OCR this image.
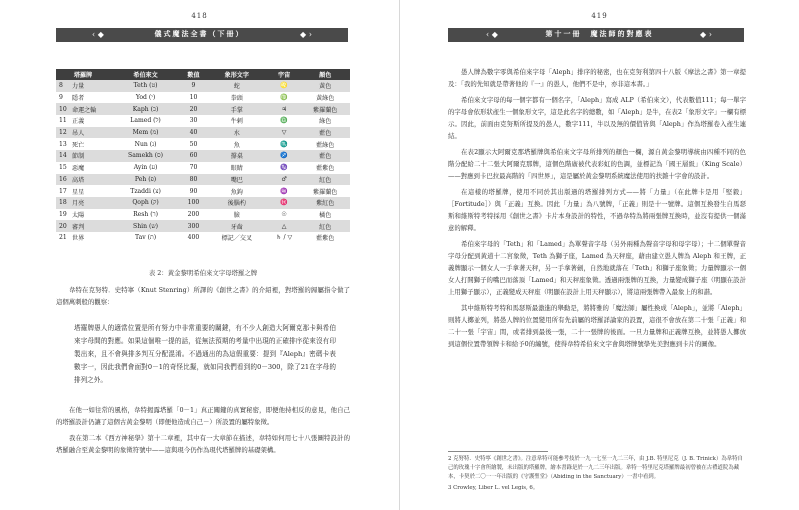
418
‹ ◆	儀式魔法全書（下冊）	◆ ›
塔羅牌		希伯來文	數值	象形文字	宇宙	顏色
8	力量	Teth (ט)	9	蛇	♌	黃色
9	隱者	Yod (י)	10	拳頭	♍	黃綠色
10	命運之輪	Kaph (כ)	20	手掌	♃	紫羅蘭色
11	正義	Lamed (ל)	30	牛刺	♎	綠色
12	吊人	Mem (מ)	40	水	▽	藍色
13	死亡	Nun (נ)	50	魚	♏	藍綠色
14	節制	Samekh (ס)	60	撐桌	♐	藍色
15	惡魔	Ayin (ע)	70	眼睛	♑	藍紫色
16	高塔	Peh (פ)	80	嘴巴	♂	紅色
17	星星	Tzaddi (צ)	90	魚鉤	♒	紫羅蘭色
18	月亮	Qoph (ק)	100	後腦杓	♓	紫紅色
19	太陽	Resh (ר)	200	臉	☉	橘色
20	審判	Shin (ש)	300	牙齒	△	紅色
21	世界	Tav (ת)	400	標記／交叉	♄ / ▽	藍紫色
表 2：黃金黎明希伯來文字母塔羅之牌

韋特在克努特．史特寧（Knut Stenring）所譯的《創世之書》的介紹裡，對塔羅的歸屬指令做了這個萬刺般的觀察：

塔羅牌愚人的適當位置是所有努力中非常重要的關鍵，有不少人創造大阿爾克那卡與希伯來字母間的對應。如果這個唯一提的話，從無法預期的考量中出現的正確排序從來沒有印製出來，且不會與排多判互分配混淆。不過通出的為這假重要：提到『Aleph』密碼卡表數字一，因此我們會面對0－1的奇怪比擬，就如同我們看到的0－300，除了21在字母的排列之外。

在他一如往常的風格，韋特揭露塔羅「0－1」真正關鍵的真實秘密，即便他持相反的意見，他自己的塔羅設計仍讓了這個古黃金黎明（即便他造成自己－）所設置的屬特象徵。

我在第二本《西方神秘學》第十二章裡，其中有一大章節在描述，韋特如何用七十八張圖特設計的塔羅融合至黃金黎明的象徵符號中——這與現今仍作為現代塔羅牌的基礎架構。

419
‹ ◆	第十一冊　魔法師的對應表	◆ ›

愚人牌為數字零與希伯來字母「Aleph」排序的秘密，也在克努利第四十八版《摩法之書》第一章提及：「我的先知就是帶著他的『一』的愚人，他們不是中，亦非這本書。」

希伯來文字母的每一個字都有一個名字，「Aleph」寫成 ALP（希伯來文），代表數值111；每一單字的字母會依形狀產生一個象形文字，這是此名字的總數，如「Aleph」是牛，在表2「象形文字」一欄有標示。因此，前面由克努斯所提及的愚人，數字111，牛以及無的價值皆與「Aleph」作為塔羅卷入產生連結。

在表2顯示大阿爾克那塔羅牌與希伯來文字母所排列的顏色一欄，源自黃金黎明導統由四種不同的色階分配給二十二張大阿爾克那牌，這個色階廣被代表彩虹的色調，並標記為「國王層級」（King Scale）——對應到卡巴拉最高階的「四世界」，這是屬於黃金黎明系統魔法使用的扶雜十字會的設計。

在這樣的塔羅牌，使用不同於其出版過的塔羅排列方式——將「力量」（在此牌卡是用「堅毅」［Fortitude］）與「正義」互換。因此「力量」為八號牌，「正義」則是十一號牌。這個互換發生自馬瑟斯和維斯特考特採用《創世之書》卡片本身設計的特性，不過韋特為將兩張牌互換時，並沒有提供一個滿意的解釋。

希伯來字母的「Teth」和「Lamed」為單聲音字母（另外兩種為聲音字母和母字母）；十二個單聲音字母分配到黃道十二宮象徵，Teth 為獅子座，Lamed 為天秤座，藉由建立愚人牌為 Aleph 和王牌，正義牌顯示一個女人一手拿著天秤，另一手拿著劍，自然地就落在「Teth」和獅子座象徵；力量牌顯示一個女人打開獅子的嘴巴而落頂「Lamed」和天秤座象徵。透過兩張牌的互換，力量變成獅子座（明顯在設計上用獅子顯示），正義變成天秤座（明顯在設計上用天秤顯示），將這兩張牌帶入最象上的和諧。

其中維斯特考特和馬瑟斯最激進的舉動是，將將雅的「魔法師」屬性換成「Aleph」，並將「Aleph」則將人擲並列，將愚人牌的位置變用所有先前屬的塔羅詳論家的設置，這很不會放在第二十張「正義」和二十一張「宇宙」間，或者排到最後一張，二十一張牌的後面。一旦力量牌和正義牌互換，並將愚人擲放到這個位置帶領牌卡和給予0的編號，使得韋特希伯來文字會與塔牌號學先美對應到卡片的圖像。

2 克努特．史特寧《創世之書》。注意韋特可能參考技於一九一七至一九二三年，由 J.B. 特里尼克（J. B. Trinick）為韋特自己的玫瑰十字會所繪製，未出版的塔羅牌，繪本書錄是於一九二三年出版。韋特一特里尼克塔羅牌最初曾被在古禮道院為藏本，卡契於二〇一一年出版的《守護聖堂》（Abiding in the Sanctuary）一書中看到。

3 Crowley, Liber L. vel Legis, 6。
